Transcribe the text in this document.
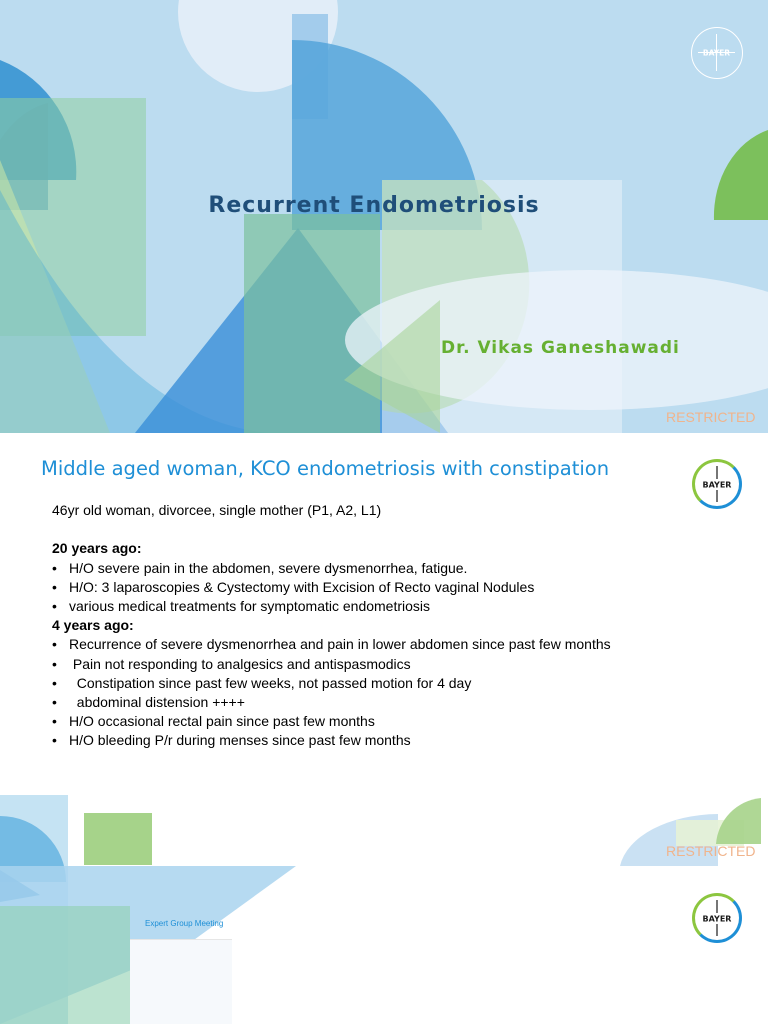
BAYER
Recurrent Endometriosis
Dr. Vikas Ganeshawadi
RESTRICTED
Middle aged woman, KCO endometriosis with constipation
BAYER
46yr old woman, divorcee, single mother (P1, A2, L1)
20 years ago:
• H/O severe pain in the abdomen, severe dysmenorrhea, fatigue.
• H/O: 3 laparoscopies & Cystectomy with Excision of Recto vaginal Nodules
• various medical treatments for symptomatic endometriosis
4 years ago:
• Recurrence of severe dysmenorrhea and pain in lower abdomen since past few months
• Pain not responding to analgesics and antispasmodics
• Constipation since past few weeks, not passed motion for 4 day
• abdominal distension ++++
• H/O occasional rectal pain since past few months
• H/O bleeding P/r during menses since past few months
RESTRICTED
BAYER
Expert Group Meeting
